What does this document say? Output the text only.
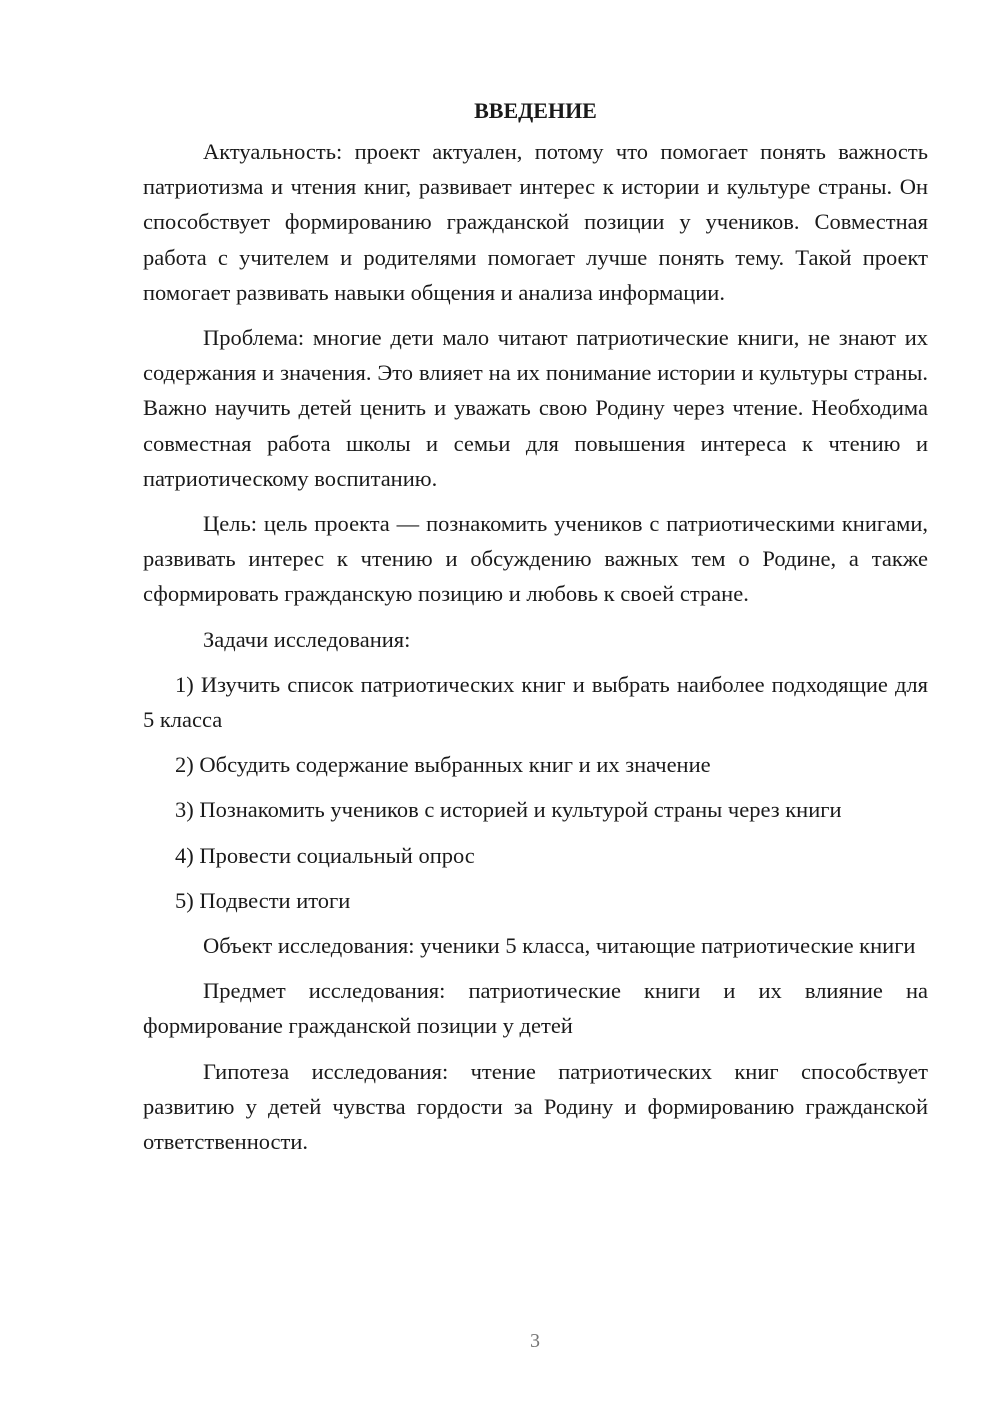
ВВЕДЕНИЕ

Актуальность: проект актуален, потому что помогает понять важность патриотизма и чтения книг, развивает интерес к истории и культуре страны. Он способствует формированию гражданской позиции у учеников. Совместная работа с учителем и родителями помогает лучше понять тему. Такой проект помогает развивать навыки общения и анализа информации.

Проблема: многие дети мало читают патриотические книги, не знают их содержания и значения. Это влияет на их понимание истории и культуры страны. Важно научить детей ценить и уважать свою Родину через чтение. Необходима совместная работа школы и семьи для повышения интереса к чтению и патриотическому воспитанию.

Цель: цель проекта — познакомить учеников с патриотическими книгами, развивать интерес к чтению и обсуждению важных тем о Родине, а также сформировать гражданскую позицию и любовь к своей стране.

Задачи исследования:

1) Изучить список патриотических книг и выбрать наиболее подходящие для 5 класса

2) Обсудить содержание выбранных книг и их значение

3) Познакомить учеников с историей и культурой страны через книги

4) Провести социальный опрос

5) Подвести итоги

Объект исследования: ученики 5 класса, читающие патриотические книги

Предмет исследования: патриотические книги и их влияние на формирование гражданской позиции у детей

Гипотеза исследования: чтение патриотических книг способствует развитию у детей чувства гордости за Родину и формированию гражданской ответственности.

3
